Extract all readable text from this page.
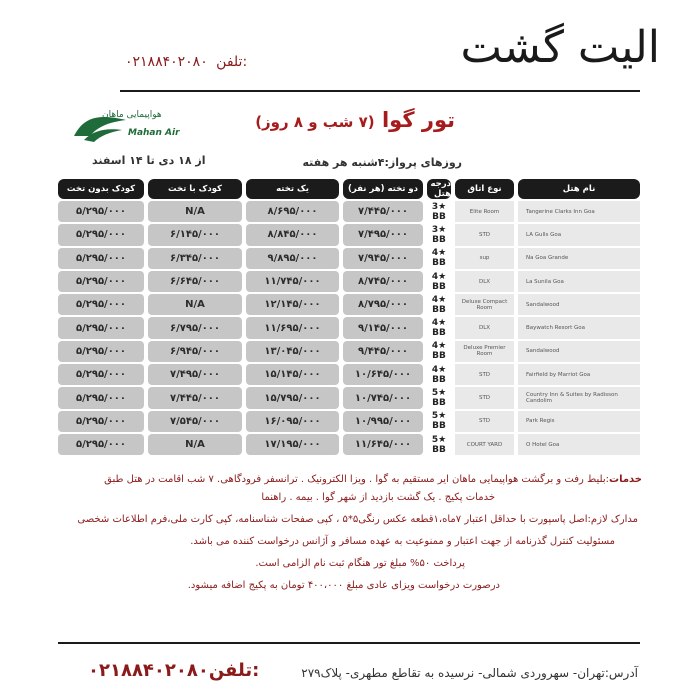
الیت گشت
۰۲۱۸۸۴۰۲۰۸۰ تلفن:
تور گوا (۷ شب و ۸ روز)
هواپیمایی ماهان
Mahan Air
روزهای پرواز:۴شنبه هر هفته
از ۱۸ دی تا ۱۴ اسفند
کودک بدون تخت	کودک با تخت	یک تخته	دو تخته (هر نفر)	درجه هتل	نوع اتاق	نام هتل
۵/۲۹۵/۰۰۰	N/A	۸/۶۹۵/۰۰۰	۷/۴۴۵/۰۰۰	3★
BB	Elite Room	Tangerine Clarks Inn Goa
۵/۲۹۵/۰۰۰	۶/۱۴۵/۰۰۰	۸/۸۴۵/۰۰۰	۷/۴۹۵/۰۰۰	3★
BB	STD	LA Gulls Goa
۵/۲۹۵/۰۰۰	۶/۳۴۵/۰۰۰	۹/۸۹۵/۰۰۰	۷/۹۴۵/۰۰۰	4★
BB	sup	Na Goa Grande
۵/۲۹۵/۰۰۰	۶/۶۴۵/۰۰۰	۱۱/۷۴۵/۰۰۰	۸/۷۴۵/۰۰۰	4★
BB	DLX	La Sunila Goa
۵/۲۹۵/۰۰۰	N/A	۱۲/۱۴۵/۰۰۰	۸/۷۹۵/۰۰۰	4★
BB
Deluxe Compact Room	Sandalwood
۵/۲۹۵/۰۰۰	۶/۷۹۵/۰۰۰	۱۱/۶۹۵/۰۰۰	۹/۱۴۵/۰۰۰	4★
BB	DLX	Baywatch Resort Goa
۵/۲۹۵/۰۰۰	۶/۹۴۵/۰۰۰	۱۳/۰۴۵/۰۰۰	۹/۴۴۵/۰۰۰	4★
BB
Deluxe Premier Room	Sandalwood
۵/۲۹۵/۰۰۰	۷/۴۹۵/۰۰۰	۱۵/۱۴۵/۰۰۰	۱۰/۶۴۵/۰۰۰	4★
BB	STD	Fairfield by Marriot Goa
۵/۲۹۵/۰۰۰	۷/۴۴۵/۰۰۰	۱۵/۷۹۵/۰۰۰	۱۰/۷۴۵/۰۰۰	5★
BB	STD	Country Inn & Suites by Radisson Candolim
۵/۲۹۵/۰۰۰	۷/۵۴۵/۰۰۰	۱۶/۰۹۵/۰۰۰	۱۰/۹۹۵/۰۰۰	5★
BB	STD	Park Regis
۵/۲۹۵/۰۰۰	N/A	۱۷/۱۹۵/۰۰۰	۱۱/۶۴۵/۰۰۰	5★
BB	COURT YARD	O Hotel Goa
خدمات:بلیط رفت و برگشت هواپیمایی ماهان ایر مستقیم به گوا . ویزا الکترونیک . ترانسفر فرودگاهی. ۷ شب اقامت در هتل طبق
خدمات پکیج . یک گشت بازدید از شهر گوا . بیمه . راهنما
مدارک لازم:اصل پاسپورت با حداقل اعتبار ۷ماه،۱قطعه عکس رنگی۵*۵ ، کپی صفحات شناسنامه، کپی کارت ملی،فرم اطلاعات شخصی
مسئولیت کنترل گذرنامه از جهت اعتبار و ممنوعیت به عهده مسافر و آژانس درخواست کننده می باشد.
پرداخت ۵۰% مبلغ تور هنگام ثبت نام الزامی است.
درصورت درخواست ویزای عادی مبلغ ۴۰۰،۰۰۰ تومان به پکیج اضافه میشود.
۰۲۱۸۸۴۰۲۰۸۰تلفن:	آدرس:تهران- سهروردی شمالی- نرسیده به تقاطع مطهری- پلاک۲۷۹
